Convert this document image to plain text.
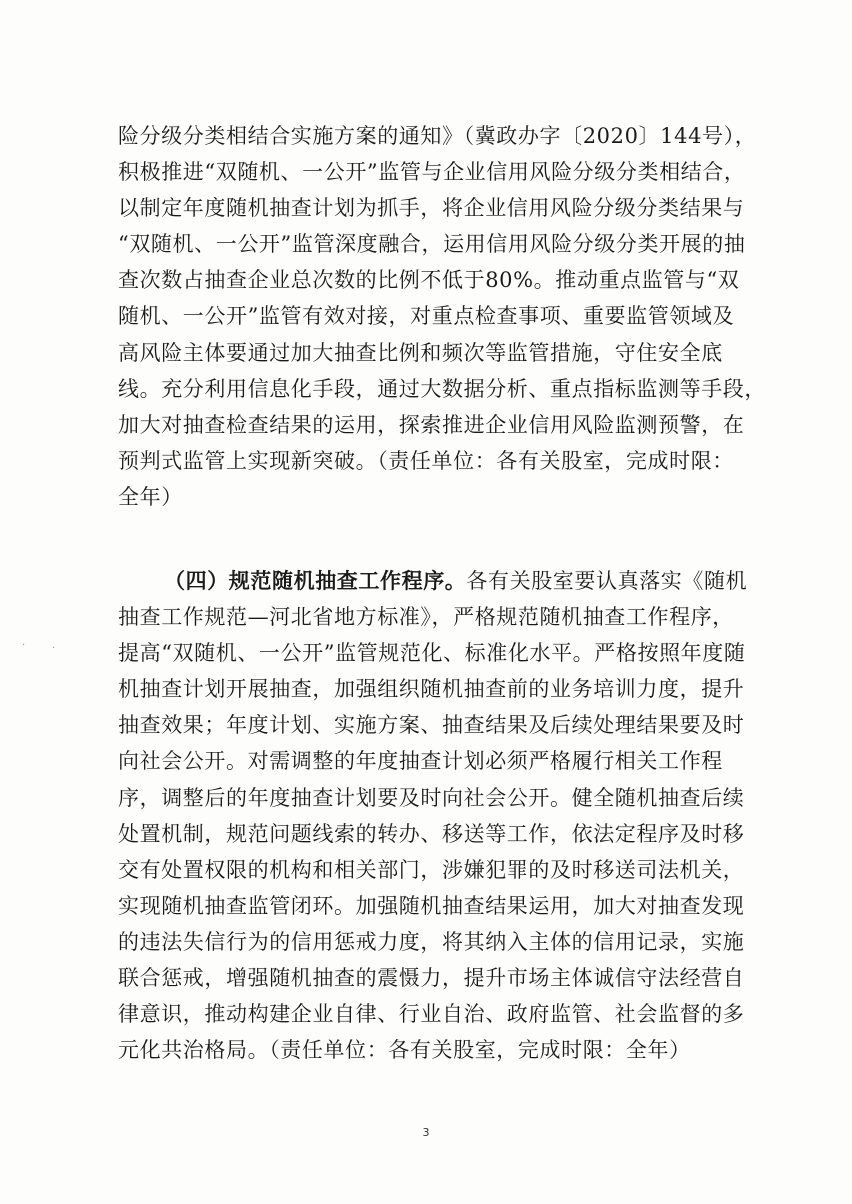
险分级分类相结合实施方案的通知》（冀政办字〔2020〕144号），
积极推进“双随机、一公开”监管与企业信用风险分级分类相结合，
以制定年度随机抽查计划为抓手，将企业信用风险分级分类结果与
“双随机、一公开”监管深度融合，运用信用风险分级分类开展的抽
查次数占抽查企业总次数的比例不低于80%。推动重点监管与“双
随机、一公开”监管有效对接，对重点检查事项、重要监管领域及
高风险主体要通过加大抽查比例和频次等监管措施，守住安全底
线。充分利用信息化手段，通过大数据分析、重点指标监测等手段，
加大对抽查检查结果的运用，探索推进企业信用风险监测预警，在
预判式监管上实现新突破。（责任单位：各有关股室，完成时限：
全年）
（四）规范随机抽查工作程序。各有关股室要认真落实《随机
抽查工作规范—河北省地方标准》，严格规范随机抽查工作程序，
提高“双随机、一公开”监管规范化、标准化水平。严格按照年度随
机抽查计划开展抽查，加强组织随机抽查前的业务培训力度，提升
抽查效果；年度计划、实施方案、抽查结果及后续处理结果要及时
向社会公开。对需调整的年度抽查计划必须严格履行相关工作程
序，调整后的年度抽查计划要及时向社会公开。健全随机抽查后续
处置机制，规范问题线索的转办、移送等工作，依法定程序及时移
交有处置权限的机构和相关部门，涉嫌犯罪的及时移送司法机关，
实现随机抽查监管闭环。加强随机抽查结果运用，加大对抽查发现
的违法失信行为的信用惩戒力度，将其纳入主体的信用记录，实施
联合惩戒，增强随机抽查的震慑力，提升市场主体诚信守法经营自
律意识，推动构建企业自律、行业自治、政府监管、社会监督的多
元化共治格局。（责任单位：各有关股室，完成时限：全年）
·	·
3
